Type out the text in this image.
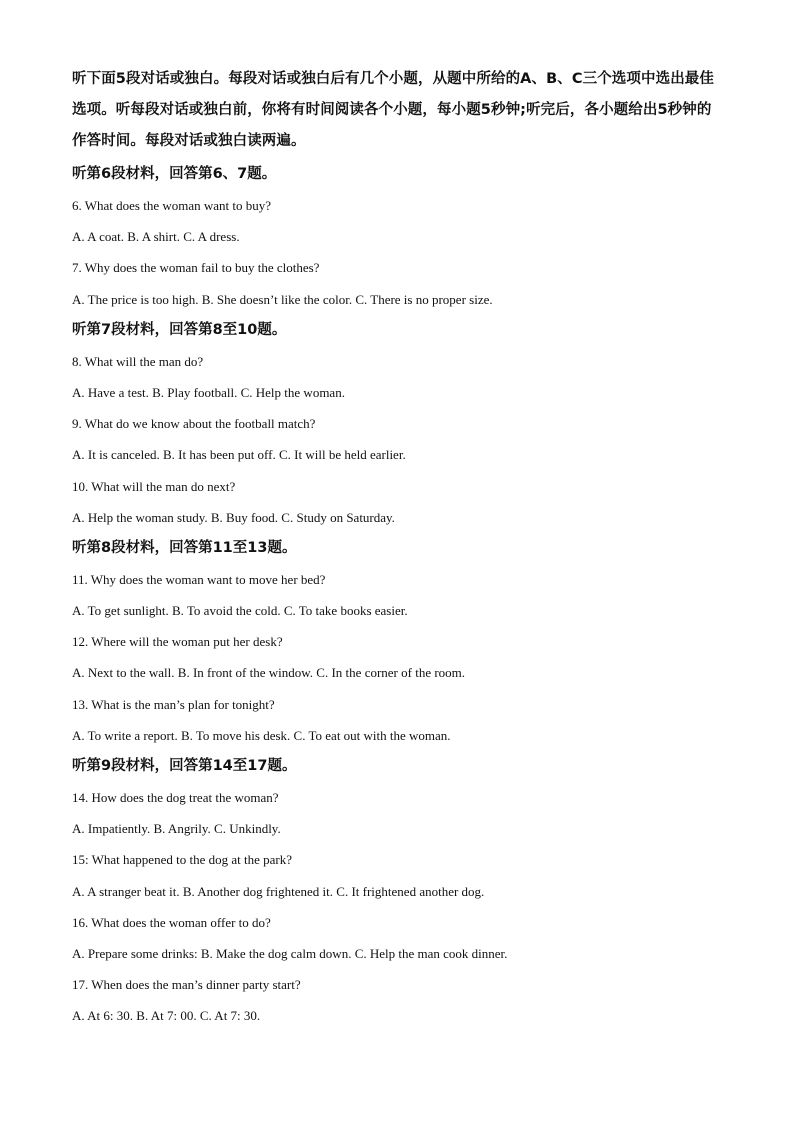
听下面5段对话或独白。每段对话或独白后有几个小题，从题中所给的A、B、C三个选项中选出最佳选项。听每段对话或独白前，你将有时间阅读各个小题，每小题5秒钟;听完后，各小题给出5秒钟的作答时间。每段对话或独白读两遍。
听第6段材料，回答第6、7题。
6. What does the woman want to buy?
A. A coat. B. A shirt. C. A dress.
7. Why does the woman fail to buy the clothes?
A. The price is too high. B. She doesn’t like the color. C. There is no proper size.
听第7段材料，回答第8至10题。
8. What will the man do?
A. Have a test. B. Play football. C. Help the woman.
9. What do we know about the football match?
A. It is canceled. B. It has been put off. C. It will be held earlier.
10. What will the man do next?
A. Help the woman study. B. Buy food. C. Study on Saturday.
听第8段材料，回答第11至13题。
11. Why does the woman want to move her bed?
A. To get sunlight. B. To avoid the cold. C. To take books easier.
12. Where will the woman put her desk?
A. Next to the wall. B. In front of the window. C. In the corner of the room.
13. What is the man’s plan for tonight?
A. To write a report. B. To move his desk. C. To eat out with the woman.
听第9段材料，回答第14至17题。
14. How does the dog treat the woman?
A. Impatiently. B. Angrily. C. Unkindly.
15: What happened to the dog at the park?
A. A stranger beat it. B. Another dog frightened it. C. It frightened another dog.
16. What does the woman offer to do?
A. Prepare some drinks: B. Make the dog calm down. C. Help the man cook dinner.
17. When does the man’s dinner party start?
A. At 6: 30. B. At 7: 00. C. At 7: 30.
